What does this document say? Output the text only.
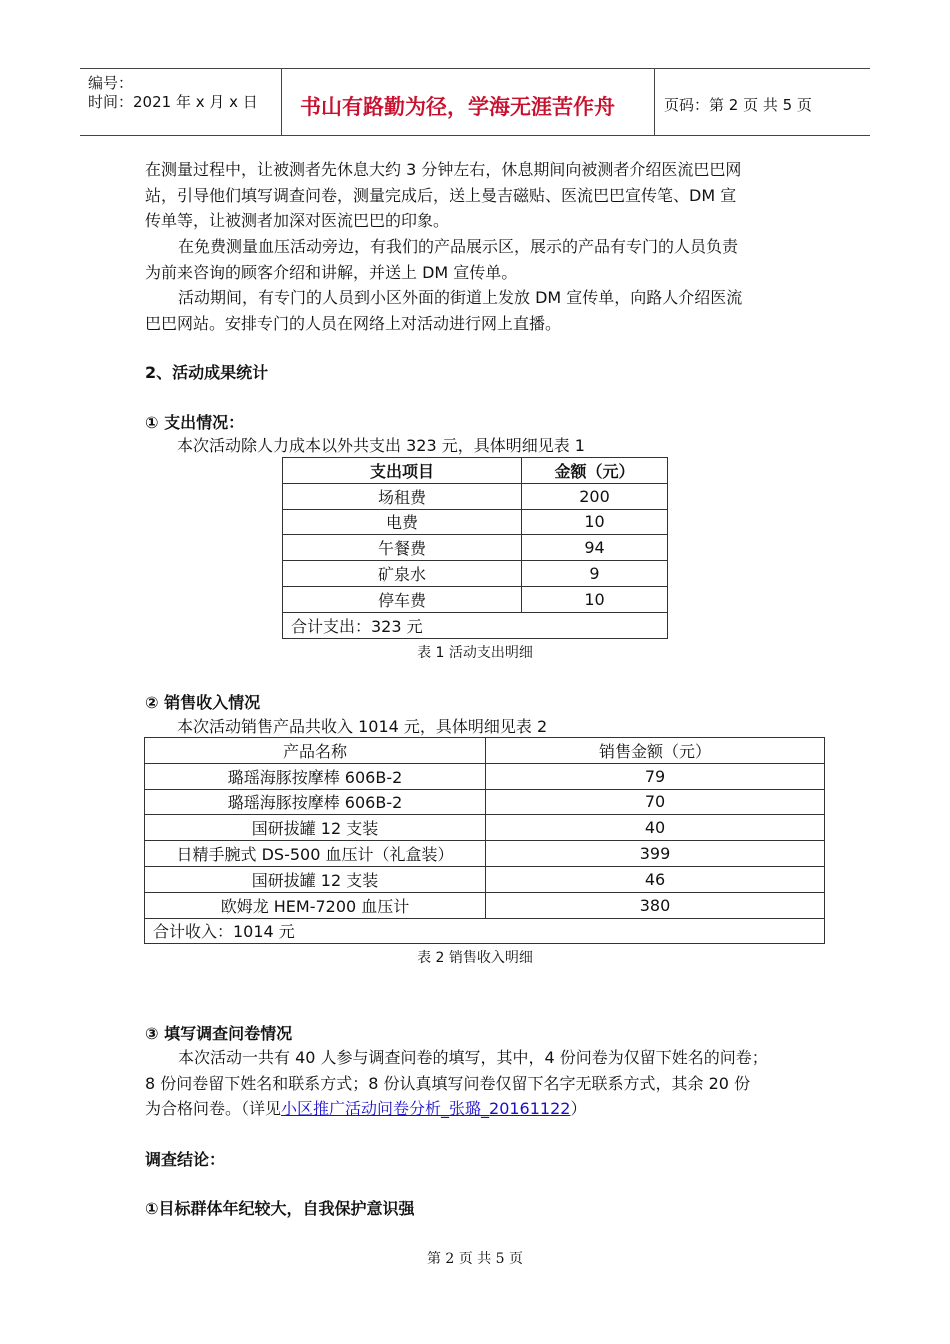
编号：
时间：2021 年 x 月 x 日 书山有路勤为径，学海无涯苦作舟	页码：第 2 页 共 5 页
在测量过程中，让被测者先休息大约 3 分钟左右，休息期间向被测者介绍医流巴巴网
站，引导他们填写调查问卷，测量完成后，送上曼吉磁贴、医流巴巴宣传笔、DM 宣
传单等，让被测者加深对医流巴巴的印象。
在免费测量血压活动旁边，有我们的产品展示区，展示的产品有专门的人员负责
为前来咨询的顾客介绍和讲解，并送上 DM 宣传单。
活动期间，有专门的人员到小区外面的街道上发放 DM 宣传单，向路人介绍医流
巴巴网站。安排专门的人员在网络上对活动进行网上直播。
2、活动成果统计
① 支出情况：
本次活动除人力成本以外共支出 323 元，具体明细见表 1
支出项目	金额（元）
场租费	200
电费	10
午餐费	94
矿泉水	9
停车费	10
合计支出：323 元	
表 1 活动支出明细
② 销售收入情况
本次活动销售产品共收入 1014 元，具体明细见表 2
产品名称	销售金额（元）
璐瑶海豚按摩棒 606B-2	79
璐瑶海豚按摩棒 606B-2	70
国研拔罐 12 支装	40
日精手腕式 DS-500 血压计（礼盒装）	399
国研拔罐 12 支装	46
欧姆龙 HEM-7200 血压计	380
合计收入：1014 元	
表 2 销售收入明细
③ 填写调查问卷情况
本次活动一共有 40 人参与调查问卷的填写，其中，4 份问卷为仅留下姓名的问卷；
8 份问卷留下姓名和联系方式；8 份认真填写问卷仅留下名字无联系方式，其余 20 份
为合格问卷。（详见小区推广活动问卷分析_张璐_20161122）
调查结论：
①目标群体年纪较大，自我保护意识强
第 2 页 共 5 页
